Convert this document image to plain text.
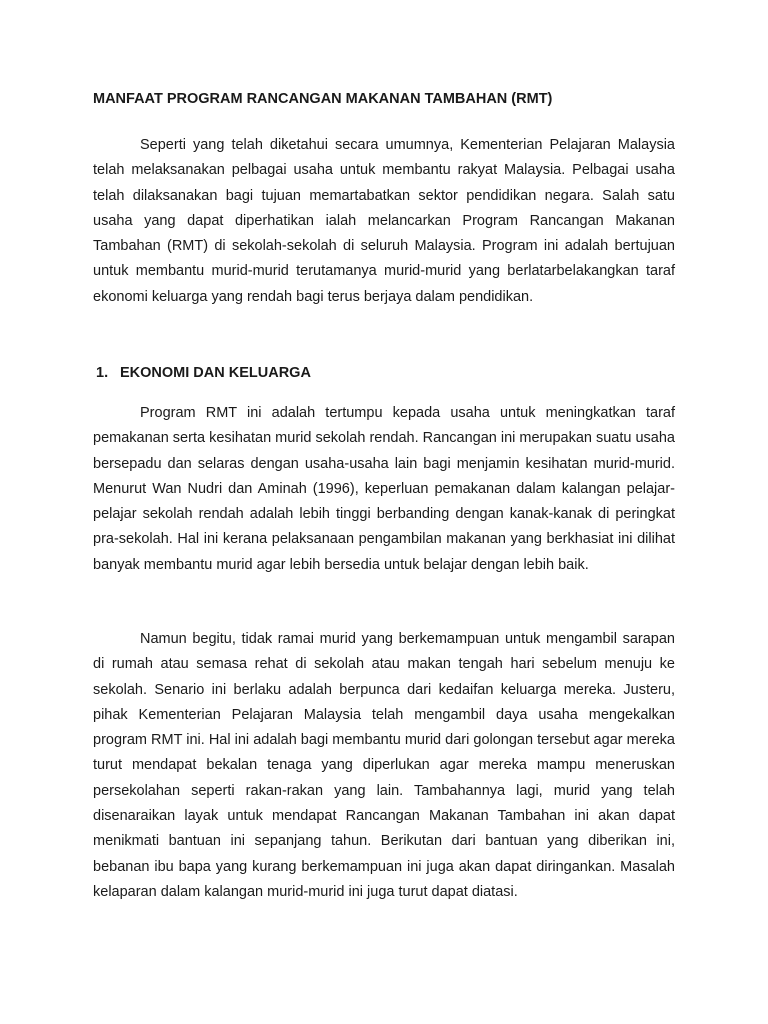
MANFAAT PROGRAM RANCANGAN MAKANAN TAMBAHAN (RMT)

Seperti yang telah diketahui secara umumnya, Kementerian Pelajaran Malaysia telah melaksanakan pelbagai usaha untuk membantu rakyat Malaysia. Pelbagai usaha telah dilaksanakan bagi tujuan memartabatkan sektor pendidikan negara. Salah satu usaha yang dapat diperhatikan ialah melancarkan Program Rancangan Makanan Tambahan (RMT) di sekolah-sekolah di seluruh Malaysia. Program ini adalah bertujuan untuk membantu murid-murid terutamanya murid-murid yang berlatarbelakangkan taraf ekonomi keluarga yang rendah bagi terus berjaya dalam pendidikan.

1. EKONOMI DAN KELUARGA

Program RMT ini adalah tertumpu kepada usaha untuk meningkatkan taraf pemakanan serta kesihatan murid sekolah rendah. Rancangan ini merupakan suatu usaha bersepadu dan selaras dengan usaha-usaha lain bagi menjamin kesihatan murid-murid. Menurut Wan Nudri dan Aminah (1996), keperluan pemakanan dalam kalangan pelajar-pelajar sekolah rendah adalah lebih tinggi berbanding dengan kanak-kanak di peringkat pra-sekolah. Hal ini kerana pelaksanaan pengambilan makanan yang berkhasiat ini dilihat banyak membantu murid agar lebih bersedia untuk belajar dengan lebih baik.

Namun begitu, tidak ramai murid yang berkemampuan untuk mengambil sarapan di rumah atau semasa rehat di sekolah atau makan tengah hari sebelum menuju ke sekolah. Senario ini berlaku adalah berpunca dari kedaifan keluarga mereka. Justeru, pihak Kementerian Pelajaran Malaysia telah mengambil daya usaha mengekalkan program RMT ini. Hal ini adalah bagi membantu murid dari golongan tersebut agar mereka turut mendapat bekalan tenaga yang diperlukan agar mereka mampu meneruskan persekolahan seperti rakan-rakan yang lain. Tambahannya lagi, murid yang telah disenaraikan layak untuk mendapat Rancangan Makanan Tambahan ini akan dapat menikmati bantuan ini sepanjang tahun. Berikutan dari bantuan yang diberikan ini, bebanan ibu bapa yang kurang berkemampuan ini juga akan dapat diringankan. Masalah kelaparan dalam kalangan murid-murid ini juga turut dapat diatasi.
